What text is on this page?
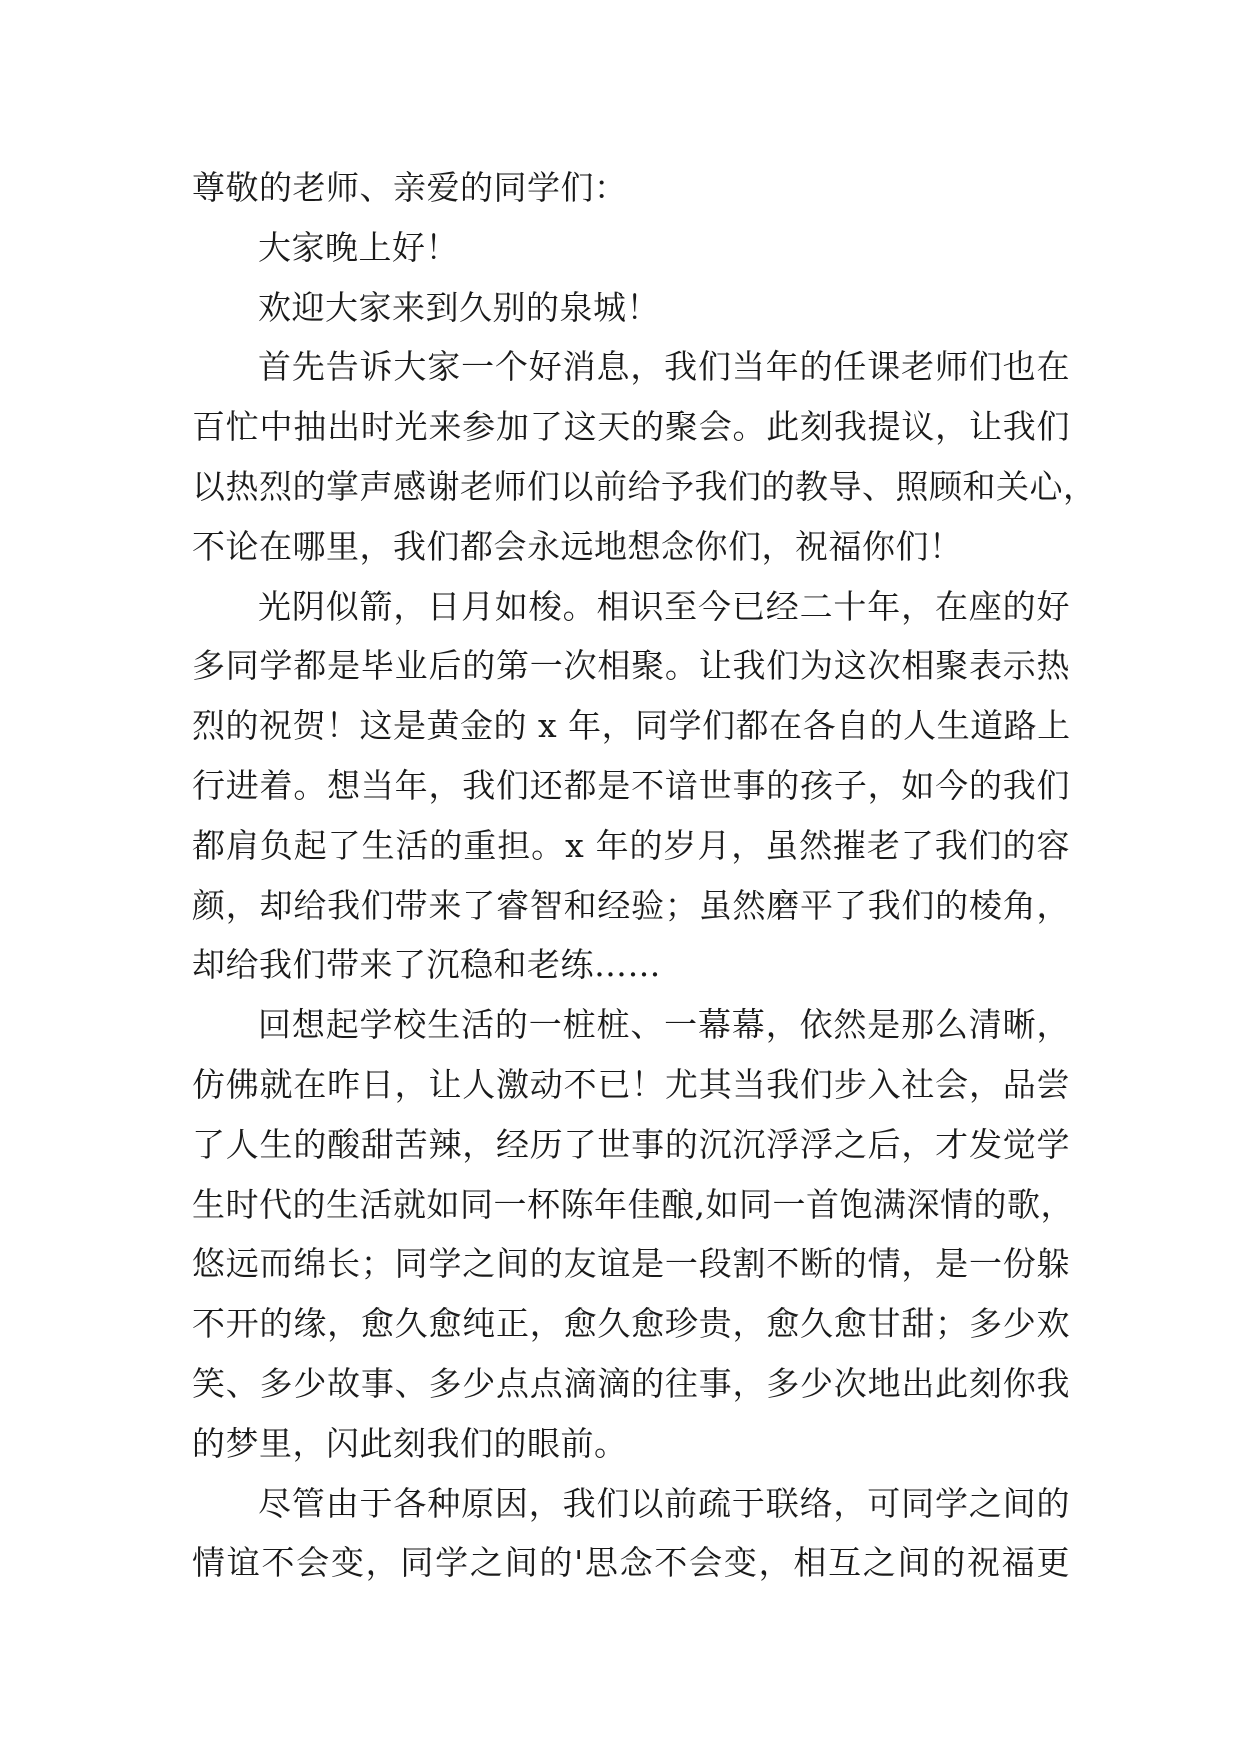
尊敬的老师、亲爱的同学们：
大家晚上好！
欢迎大家来到久别的泉城！
首先告诉大家一个好消息，我们当年的任课老师们也在
百忙中抽出时光来参加了这天的聚会。此刻我提议，让我们
以热烈的掌声感谢老师们以前给予我们的教导、照顾和关心，
不论在哪里，我们都会永远地想念你们，祝福你们！
光阴似箭，日月如梭。相识至今已经二十年，在座的好
多同学都是毕业后的第一次相聚。让我们为这次相聚表示热
烈的祝贺！这是黄金的 x 年，同学们都在各自的人生道路上
行进着。想当年，我们还都是不谙世事的孩子，如今的我们
都肩负起了生活的重担。x 年的岁月，虽然摧老了我们的容
颜，却给我们带来了睿智和经验；虽然磨平了我们的棱角，
却给我们带来了沉稳和老练……
回想起学校生活的一桩桩、一幕幕，依然是那么清晰，
仿佛就在昨日，让人激动不已！尤其当我们步入社会，品尝
了人生的酸甜苦辣，经历了世事的沉沉浮浮之后，才发觉学
生时代的生活就如同一杯陈年佳酿,如同一首饱满深情的歌，
悠远而绵长；同学之间的友谊是一段割不断的情，是一份躲
不开的缘，愈久愈纯正，愈久愈珍贵，愈久愈甘甜；多少欢
笑、多少故事、多少点点滴滴的往事，多少次地出此刻你我
的梦里，闪此刻我们的眼前。
尽管由于各种原因，我们以前疏于联络，可同学之间的
情谊不会变，同学之间的'思念不会变，相互之间的祝福更
